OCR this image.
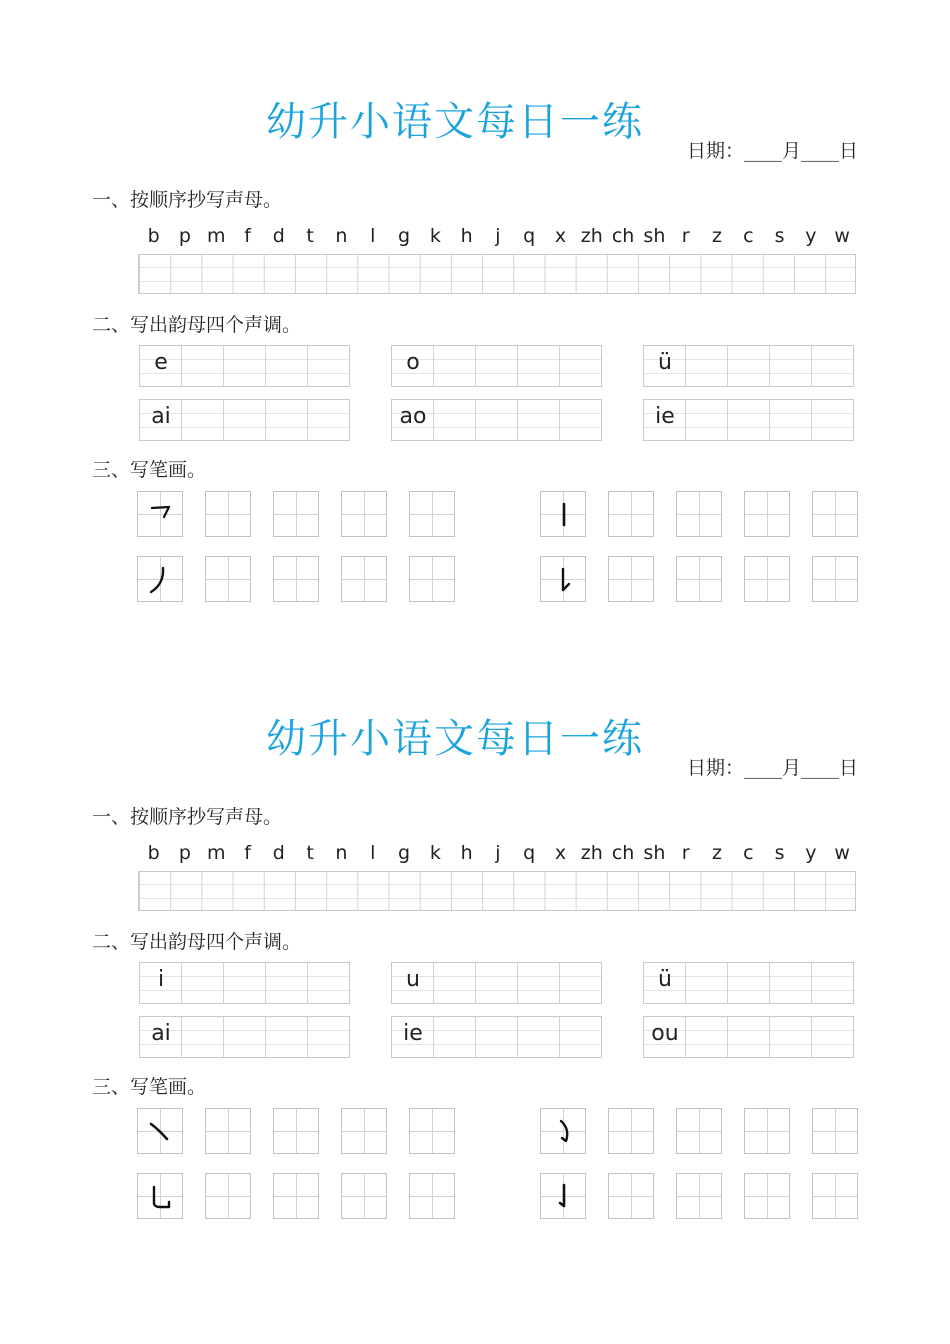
幼升小语文每日一练
日期：____月____日
一、按顺序抄写声母。
b	p m f	d	t	n	l	g	k	h	j	q	x zh ch sh r	z	c	s	y w
二、写出韵母四个声调。
e	o	ü
ai	ao	ie
三、写笔画。
幼升小语文每日一练
日期：____月____日
一、按顺序抄写声母。
b	p m f	d	t	n	l	g	k	h	j	q	x zh ch sh r	z	c	s	y w
二、写出韵母四个声调。
i	u	ü
ai	ie	ou
三、写笔画。
